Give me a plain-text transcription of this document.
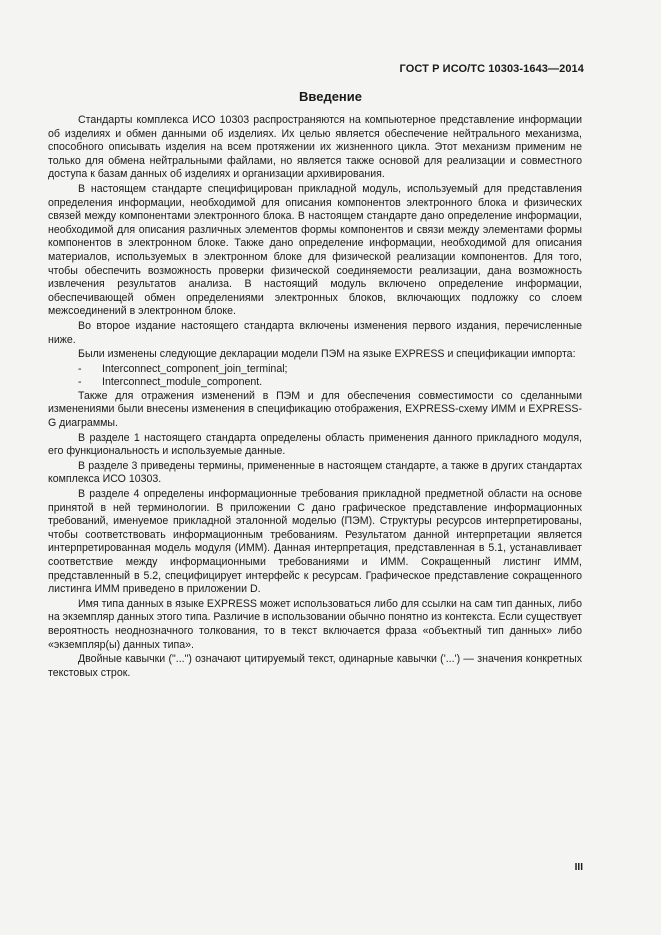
ГОСТ Р ИСО/ТС 10303-1643—2014
Введение

Стандарты комплекса ИСО 10303 распространяются на компьютерное представление информации об изделиях и обмен данными об изделиях. Их целью является обеспечение нейтрального механизма, способного описывать изделия на всем протяжении их жизненного цикла. Этот механизм применим не только для обмена нейтральными файлами, но является также основой для реализации и совместного доступа к базам данных об изделиях и организации архивирования.

В настоящем стандарте специфицирован прикладной модуль, используемый для представления определения информации, необходимой для описания компонентов электронного блока и физических связей между компонентами электронного блока. В настоящем стандарте дано определение информации, необходимой для описания различных элементов формы компонентов и связи между элементами формы компонентов в электронном блоке. Также дано определение информации, необходимой для описания материалов, используемых в электронном блоке для физической реализации компонентов. Для того, чтобы обеспечить возможность проверки физической соединяемости реализации, дана возможность извлечения результатов анализа. В настоящий модуль включено определение информации, обеспечивающей обмен определениями электронных блоков, включающих подложку со слоем межсоединений в электронном блоке.

Во второе издание настоящего стандарта включены изменения первого издания, перечисленные ниже.

Были изменены следующие декларации модели ПЭМ на языке EXPRESS и спецификации импорта:

-	Interconnect_component_join_terminal;
-	Interconnect_module_component.

Также для отражения изменений в ПЭМ и для обеспечения совместимости со сделанными изменениями были внесены изменения в спецификацию отображения, EXPRESS-схему ИММ и EXPRESS-G диаграммы.

В разделе 1 настоящего стандарта определены область применения данного прикладного модуля, его функциональность и используемые данные.

В разделе 3 приведены термины, примененные в настоящем стандарте, а также в других стандартах комплекса ИСО 10303.

В разделе 4 определены информационные требования прикладной предметной области на основе принятой в ней терминологии. В приложении С дано графическое представление информационных требований, именуемое прикладной эталонной моделью (ПЭМ). Структуры ресурсов интерпретированы, чтобы соответствовать информационным требованиям. Результатом данной интерпретации является интерпретированная модель модуля (ИММ). Данная интерпретация, представленная в 5.1, устанавливает соответствие между информационными требованиями и ИММ. Сокращенный листинг ИММ, представленный в 5.2, специфицирует интерфейс к ресурсам. Графическое представление сокращенного листинга ИММ приведено в приложении D.

Имя типа данных в языке EXPRESS может использоваться либо для ссылки на сам тип данных, либо на экземпляр данных этого типа. Различие в использовании обычно понятно из контекста. Если существует вероятность неоднозначного толкования, то в текст включается фраза «объектный тип данных» либо «экземпляр(ы) данных типа».

Двойные кавычки ("...") означают цитируемый текст, одинарные кавычки ('...') — значения конкретных текстовых строк.

III
